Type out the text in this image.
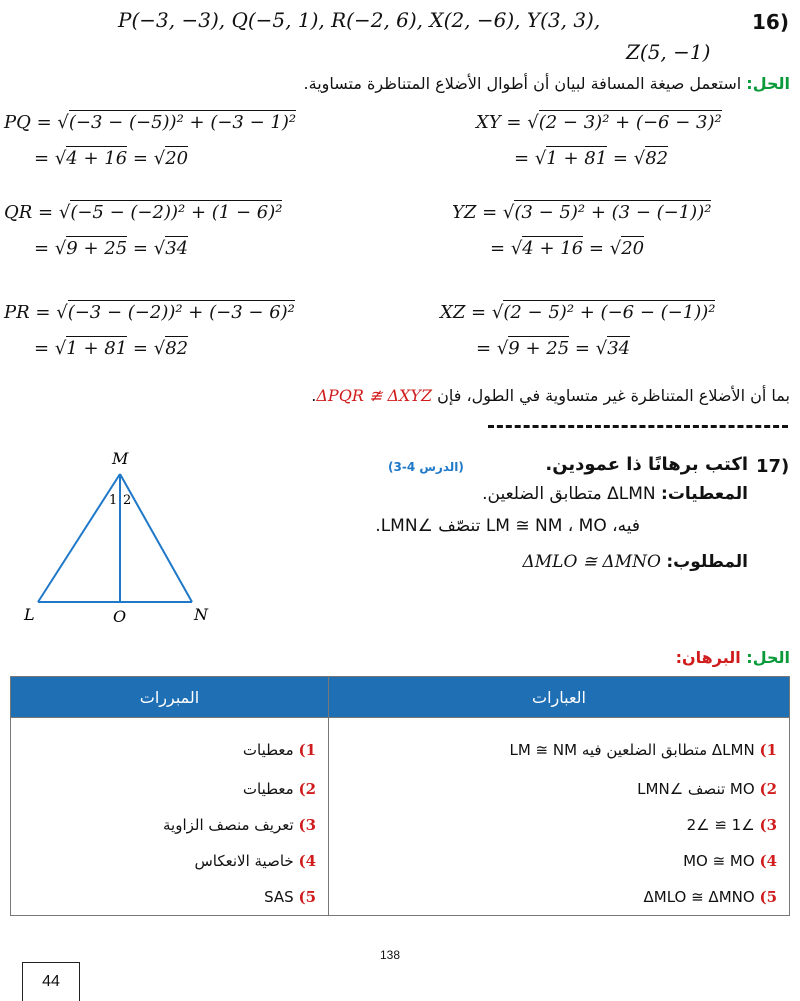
16)
P(−3, −3), Q(−5, 1), R(−2, 6), X(2, −6), Y(3, 3),
Z(5, −1)
الحل: استعمل صيغة المسافة لبيان أن أطوال الأضلاع المتناظرة متساوية.
PQ = √(−3 − (−5))² + (−3 − 1)²
= √4 + 16 = √20
XY = √(2 − 3)² + (−6 − 3)²
= √1 + 81 = √82
QR = √(−5 − (−2))² + (1 − 6)²
= √9 + 25 = √34
YZ = √(3 − 5)² + (3 − (−1))²
= √4 + 16 = √20
PR = √(−3 − (−2))² + (−3 − 6)²
= √1 + 81 = √82
XZ = √(2 − 5)² + (−6 − (−1))²
= √9 + 25 = √34
بما أن الأضلاع المتناظرة غير متساوية في الطول، فإن ΔPQR ≇ ΔXYZ.
17)
اكتب برهانًا ذا عمودين.
(الدرس 4-3)
المعطيات: ΔLMN متطابق الضلعين.
فيه، LM ≅ NM ، MO تنصّف ∠LMN.
المطلوب: ΔMLO ≅ ΔMNO
الحل: البرهان:
M
L	N
O
1 2
المبررات	العبارات
1) معطيات	1) ΔLMN متطابق الضلعين فيه LM ≅ NM
2) معطيات	2) MO تنصف ∠LMN
3) تعريف منصف الزاوية	3) ∠1 ≅ ∠2
4) خاصية الانعكاس	4) MO ≅ MO
5) SAS	5) ΔMLO ≅ ΔMNO
138
44
